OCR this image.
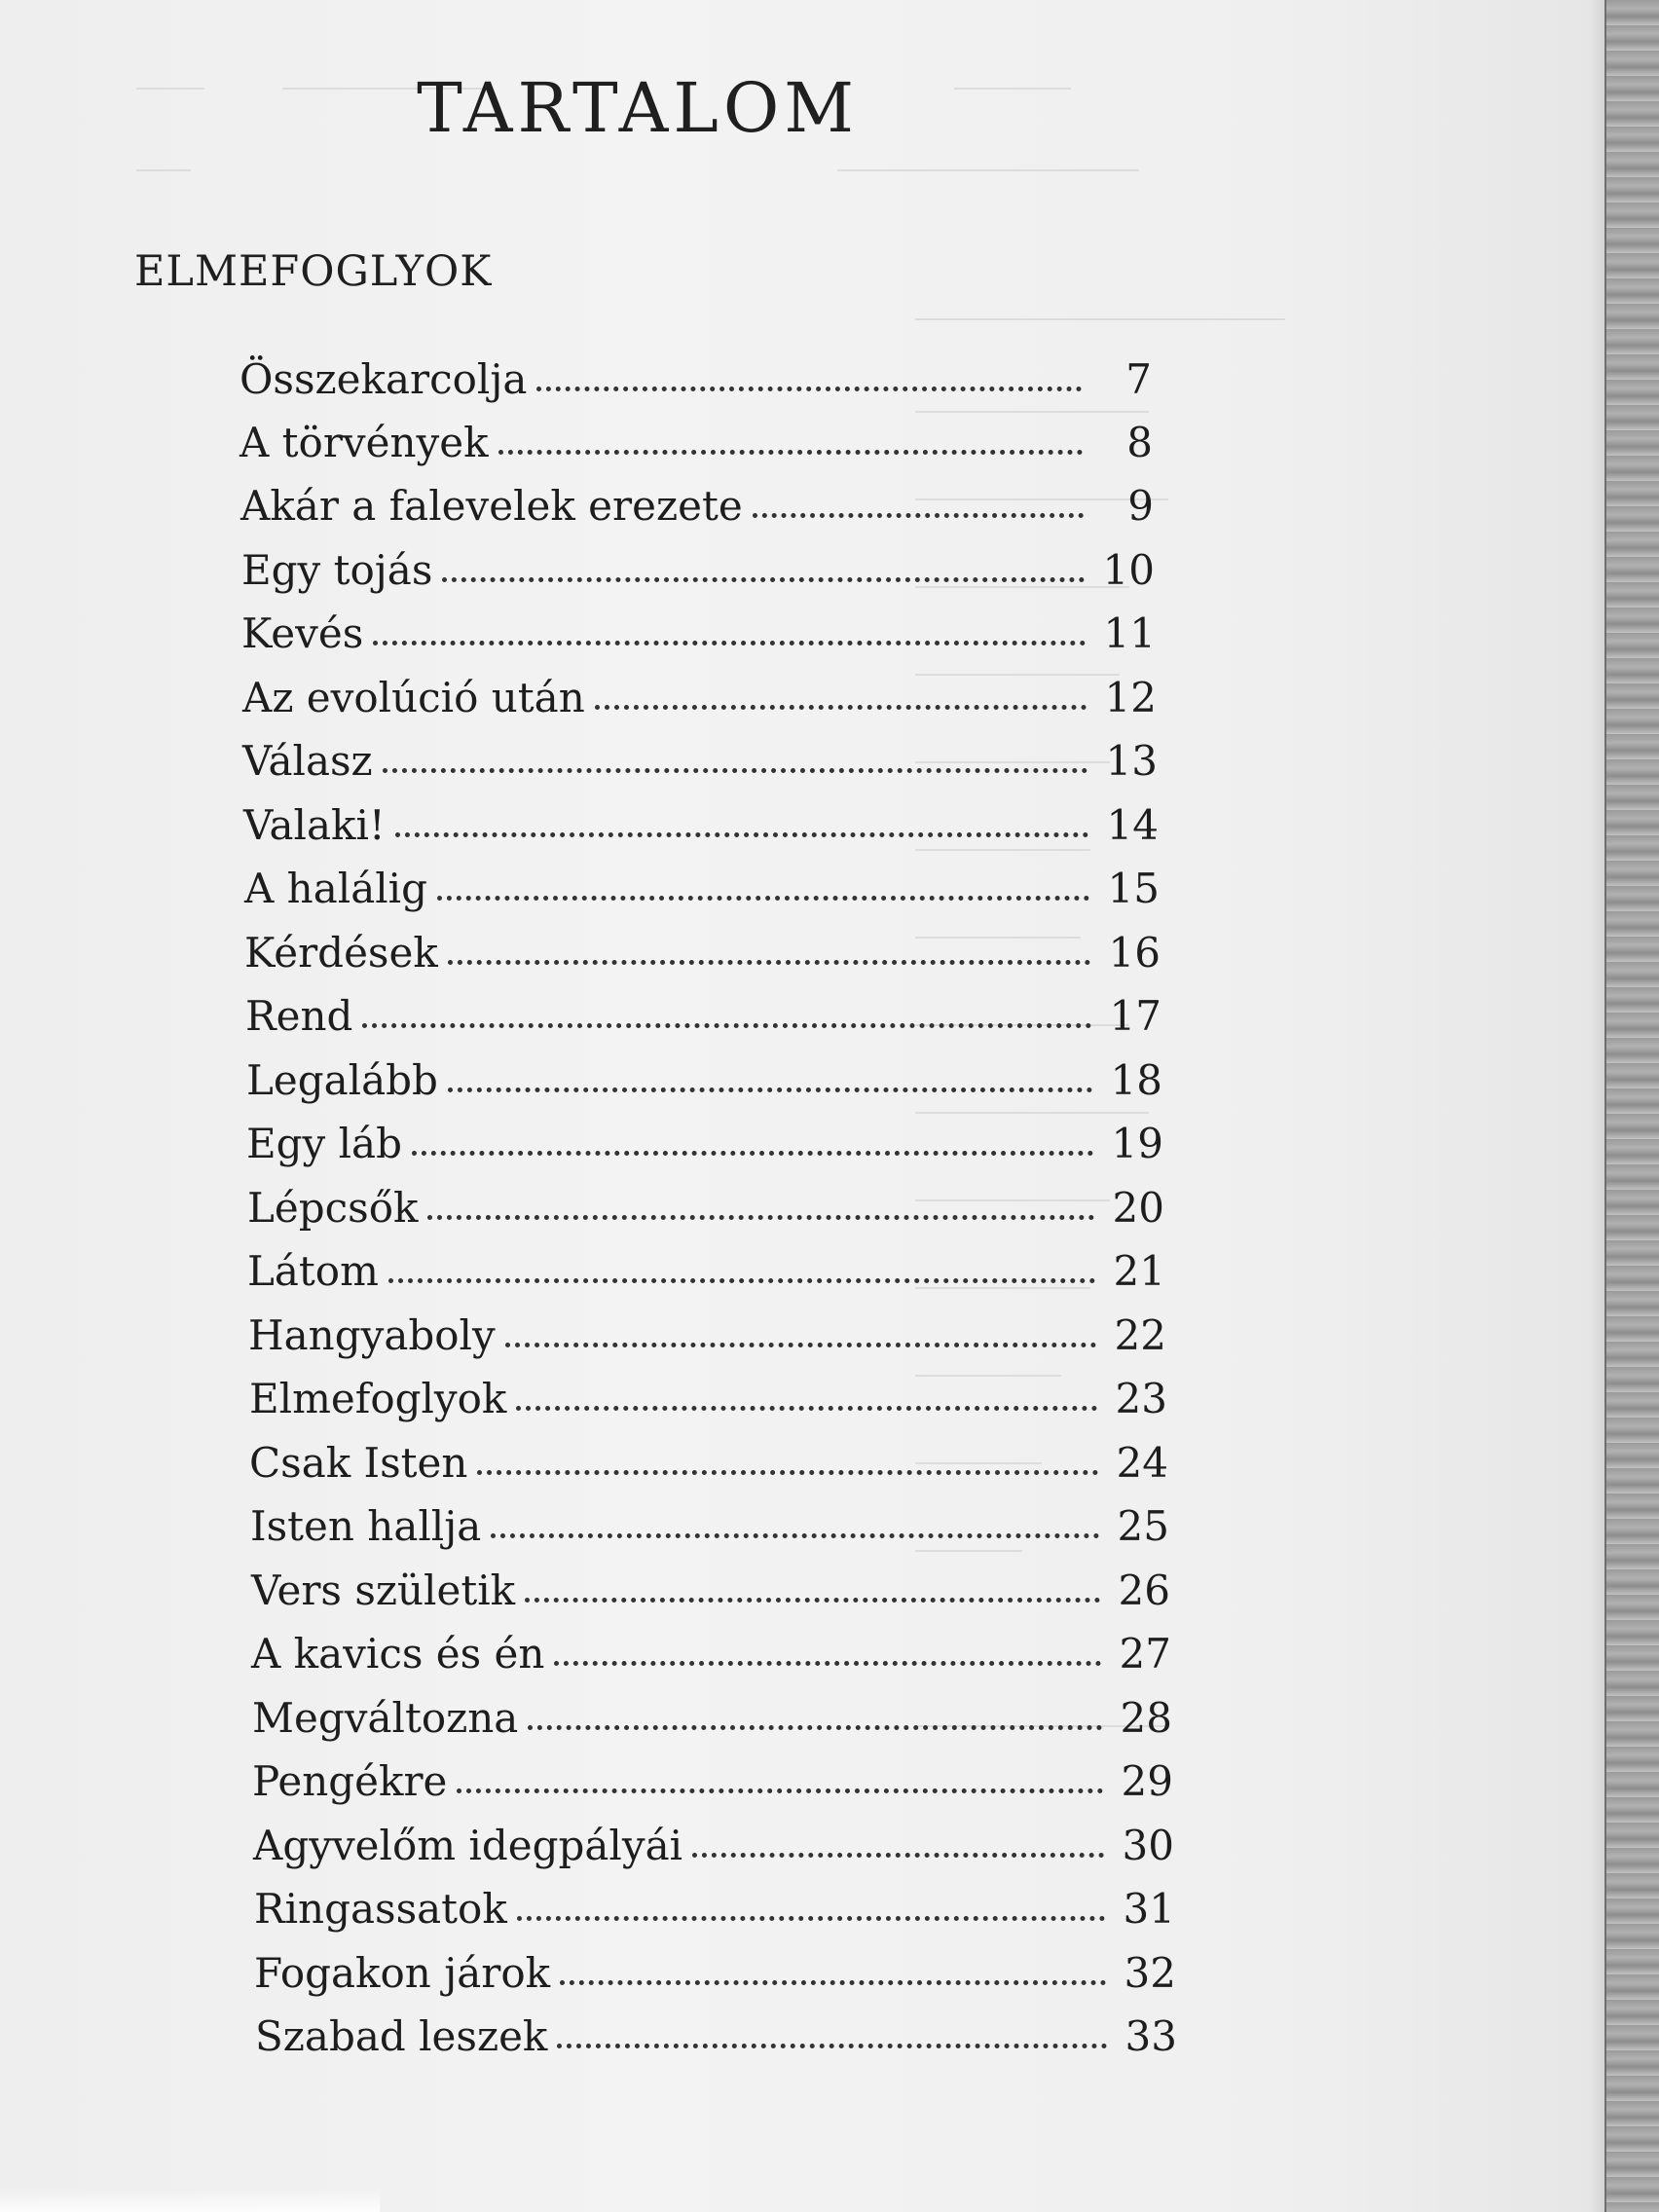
TARTALOM
ELMEFOGLYOK
Összekarcolja	7
A törvények	8
Akár a falevelek erezete	9
Egy tojás	10
Kevés	11
Az evolúció után	12
Válasz	13
Valaki!	14
A halálig	15
Kérdések	16
Rend	17
Legalább	18
Egy láb	19
Lépcsők	20
Látom	21
Hangyaboly	22
Elmefoglyok	23
Csak Isten	24
Isten hallja	25
Vers születik	26
A kavics és én	27
Megváltozna	28
Pengékre	29
Agyvelőm idegpályái	30
Ringassatok	31
Fogakon járok	32
Szabad leszek	33
